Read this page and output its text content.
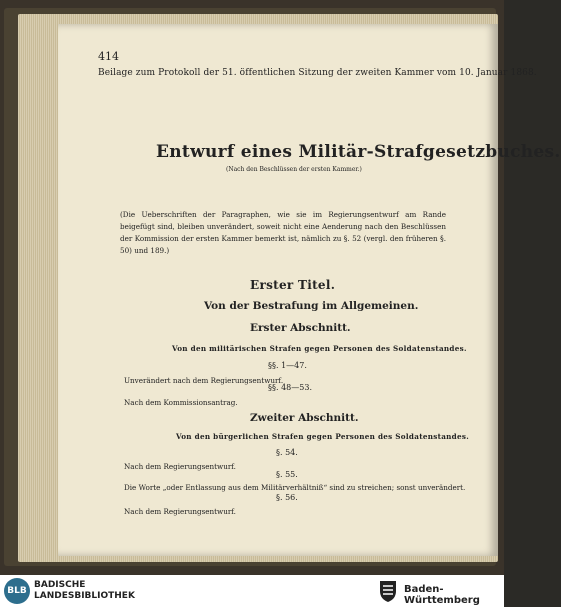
414
Beilage zum Protokoll der 51. öffentlichen Sitzung der zweiten Kammer vom 10. Januar 1868.
Entwurf eines Militär-Strafgesetzbuches.
(Nach den Beschlüssen der ersten Kammer.)
(Die Ueberschriften der Paragraphen, wie sie im Regierungsentwurf am Rande beigefügt sind, bleiben unverändert, soweit nicht eine Aenderung nach den Beschlüssen der Kommission der ersten Kammer bemerkt ist, nämlich zu §. 52 (vergl. den früheren §. 50) und 189.)
Erster Titel.
Von der Bestrafung im Allgemeinen.
Erster Abschnitt.
Von den militärischen Strafen gegen Personen des Soldatenstandes.
§§. 1—47.
Unverändert nach dem Regierungsentwurf.
§§. 48—53.
Nach dem Kommissionsantrag.
Zweiter Abschnitt.
Von den bürgerlichen Strafen gegen Personen des Soldatenstandes.
§. 54.
Nach dem Regierungsentwurf.
§. 55.
Die Worte „oder Entlassung aus dem Militärverhältniß“ sind zu streichen; sonst unverändert.
§. 56.
Nach dem Regierungsentwurf.
BLB
BADISCHE
LANDESBIBLIOTHEK
Baden-Württemberg
